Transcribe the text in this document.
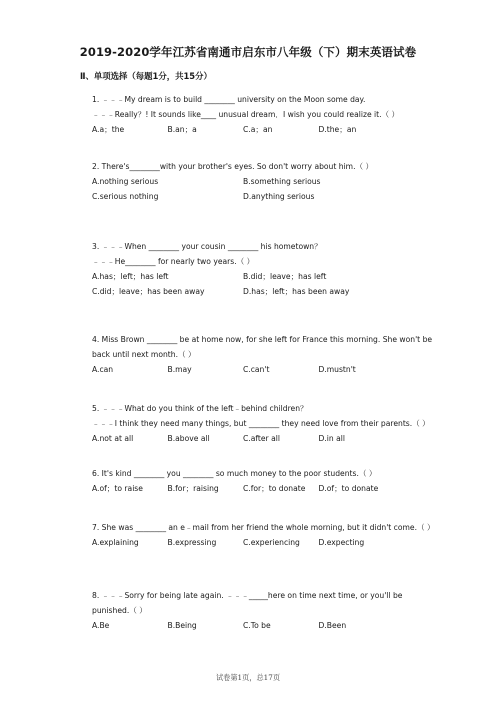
2019-2020学年江苏省南通市启东市八年级（下）期末英语试卷
Ⅱ、单项选择（每题1分，共15分）

1. ﹣﹣﹣My dream is to build ________ university on the Moon some day.

﹣﹣﹣Really？! It sounds like____ unusual dream．I wish you could realize it.（ ）

A.a；the	B.an；a	C.a；an	D.the；an

2. There's________with your brother's eyes. So don't worry about him.（ ）

A.nothing serious	B.something serious
C.serious nothing	D.anything serious

3. ﹣﹣﹣When ________ your cousin ________ his hometown？

﹣﹣﹣He________ for nearly two years.（ ）

A.has；left；has left	B.did；leave；has left
C.did；leave；has been away	D.has；left；has been away

4. Miss Brown ________ be at home now, for she left for France this morning. She won't be back until next month.（ ）

A.can	B.may	C.can't	D.mustn't

5. ﹣﹣﹣What do you think of the left﹣behind children？

﹣﹣﹣I think they need many things, but ________ they need love from their parents.（ ）

A.not at all	B.above all	C.after all	D.in all

6. It's kind ________ you ________ so much money to the poor students.（ ）

A.of；to raise	B.for；raising	C.for；to donate	D.of；to donate

7. She was ________ an e﹣mail from her friend the whole morning, but it didn't come.（ ）

A.explaining	B.expressing	C.experiencing	D.expecting

8. ﹣﹣﹣Sorry for being late again. ﹣﹣﹣_____here on time next time, or you'll be punished.（ ）

A.Be	B.Being	C.To be	D.Been
试卷第1页，总17页
